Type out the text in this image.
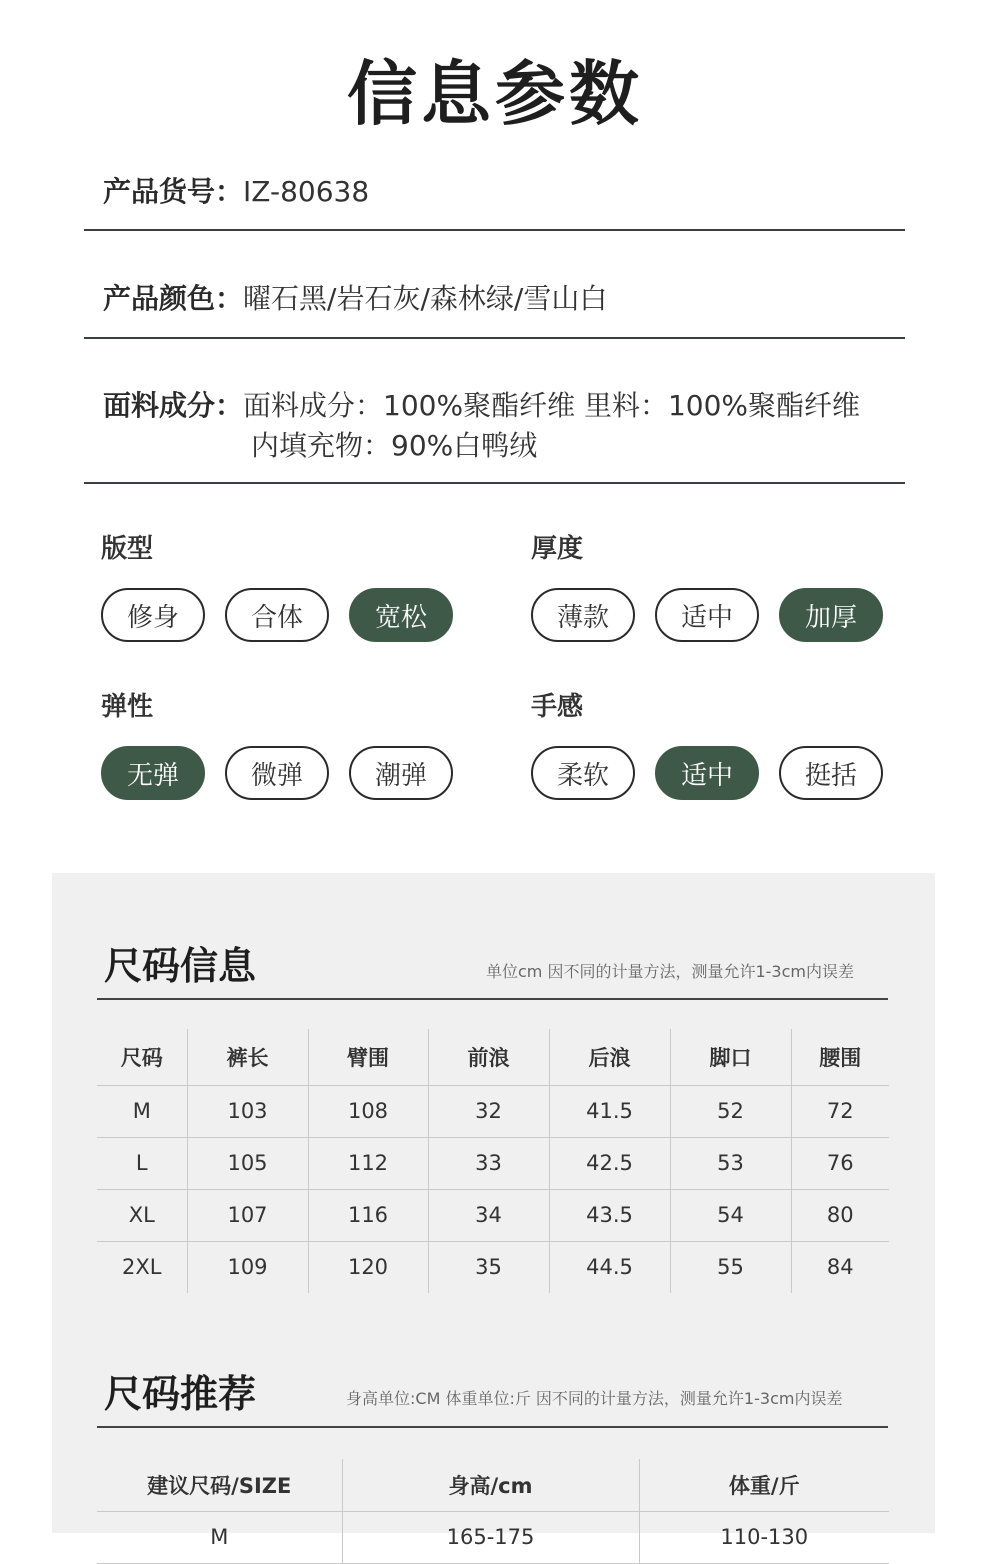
信息参数
产品货号：IZ-80638
产品颜色：曜石黑/岩石灰/森林绿/雪山白
面料成分：面料成分：100%聚酯纤维 里料：100%聚酯纤维
内填充物：90%白鸭绒
版型
修身	合体	宽松
厚度
薄款	适中	加厚
弹性
无弹	微弹	潮弹
手感
柔软	适中	挺括
尺码信息	单位cm 因不同的计量方法，测量允许1-3cm内误差
尺码	裤长	臂围	前浪	后浪	脚口	腰围
M	103	108	32	41.5	52	72
L	105	112	33	42.5	53	76
XL	107	116	34	43.5	54	80
2XL	109	120	35	44.5	55	84
尺码推荐	身高单位:CM 体重单位:斤 因不同的计量方法，测量允许1-3cm内误差
建议尺码/SIZE	身高/cm	体重/斤
M	165-175	110-130
